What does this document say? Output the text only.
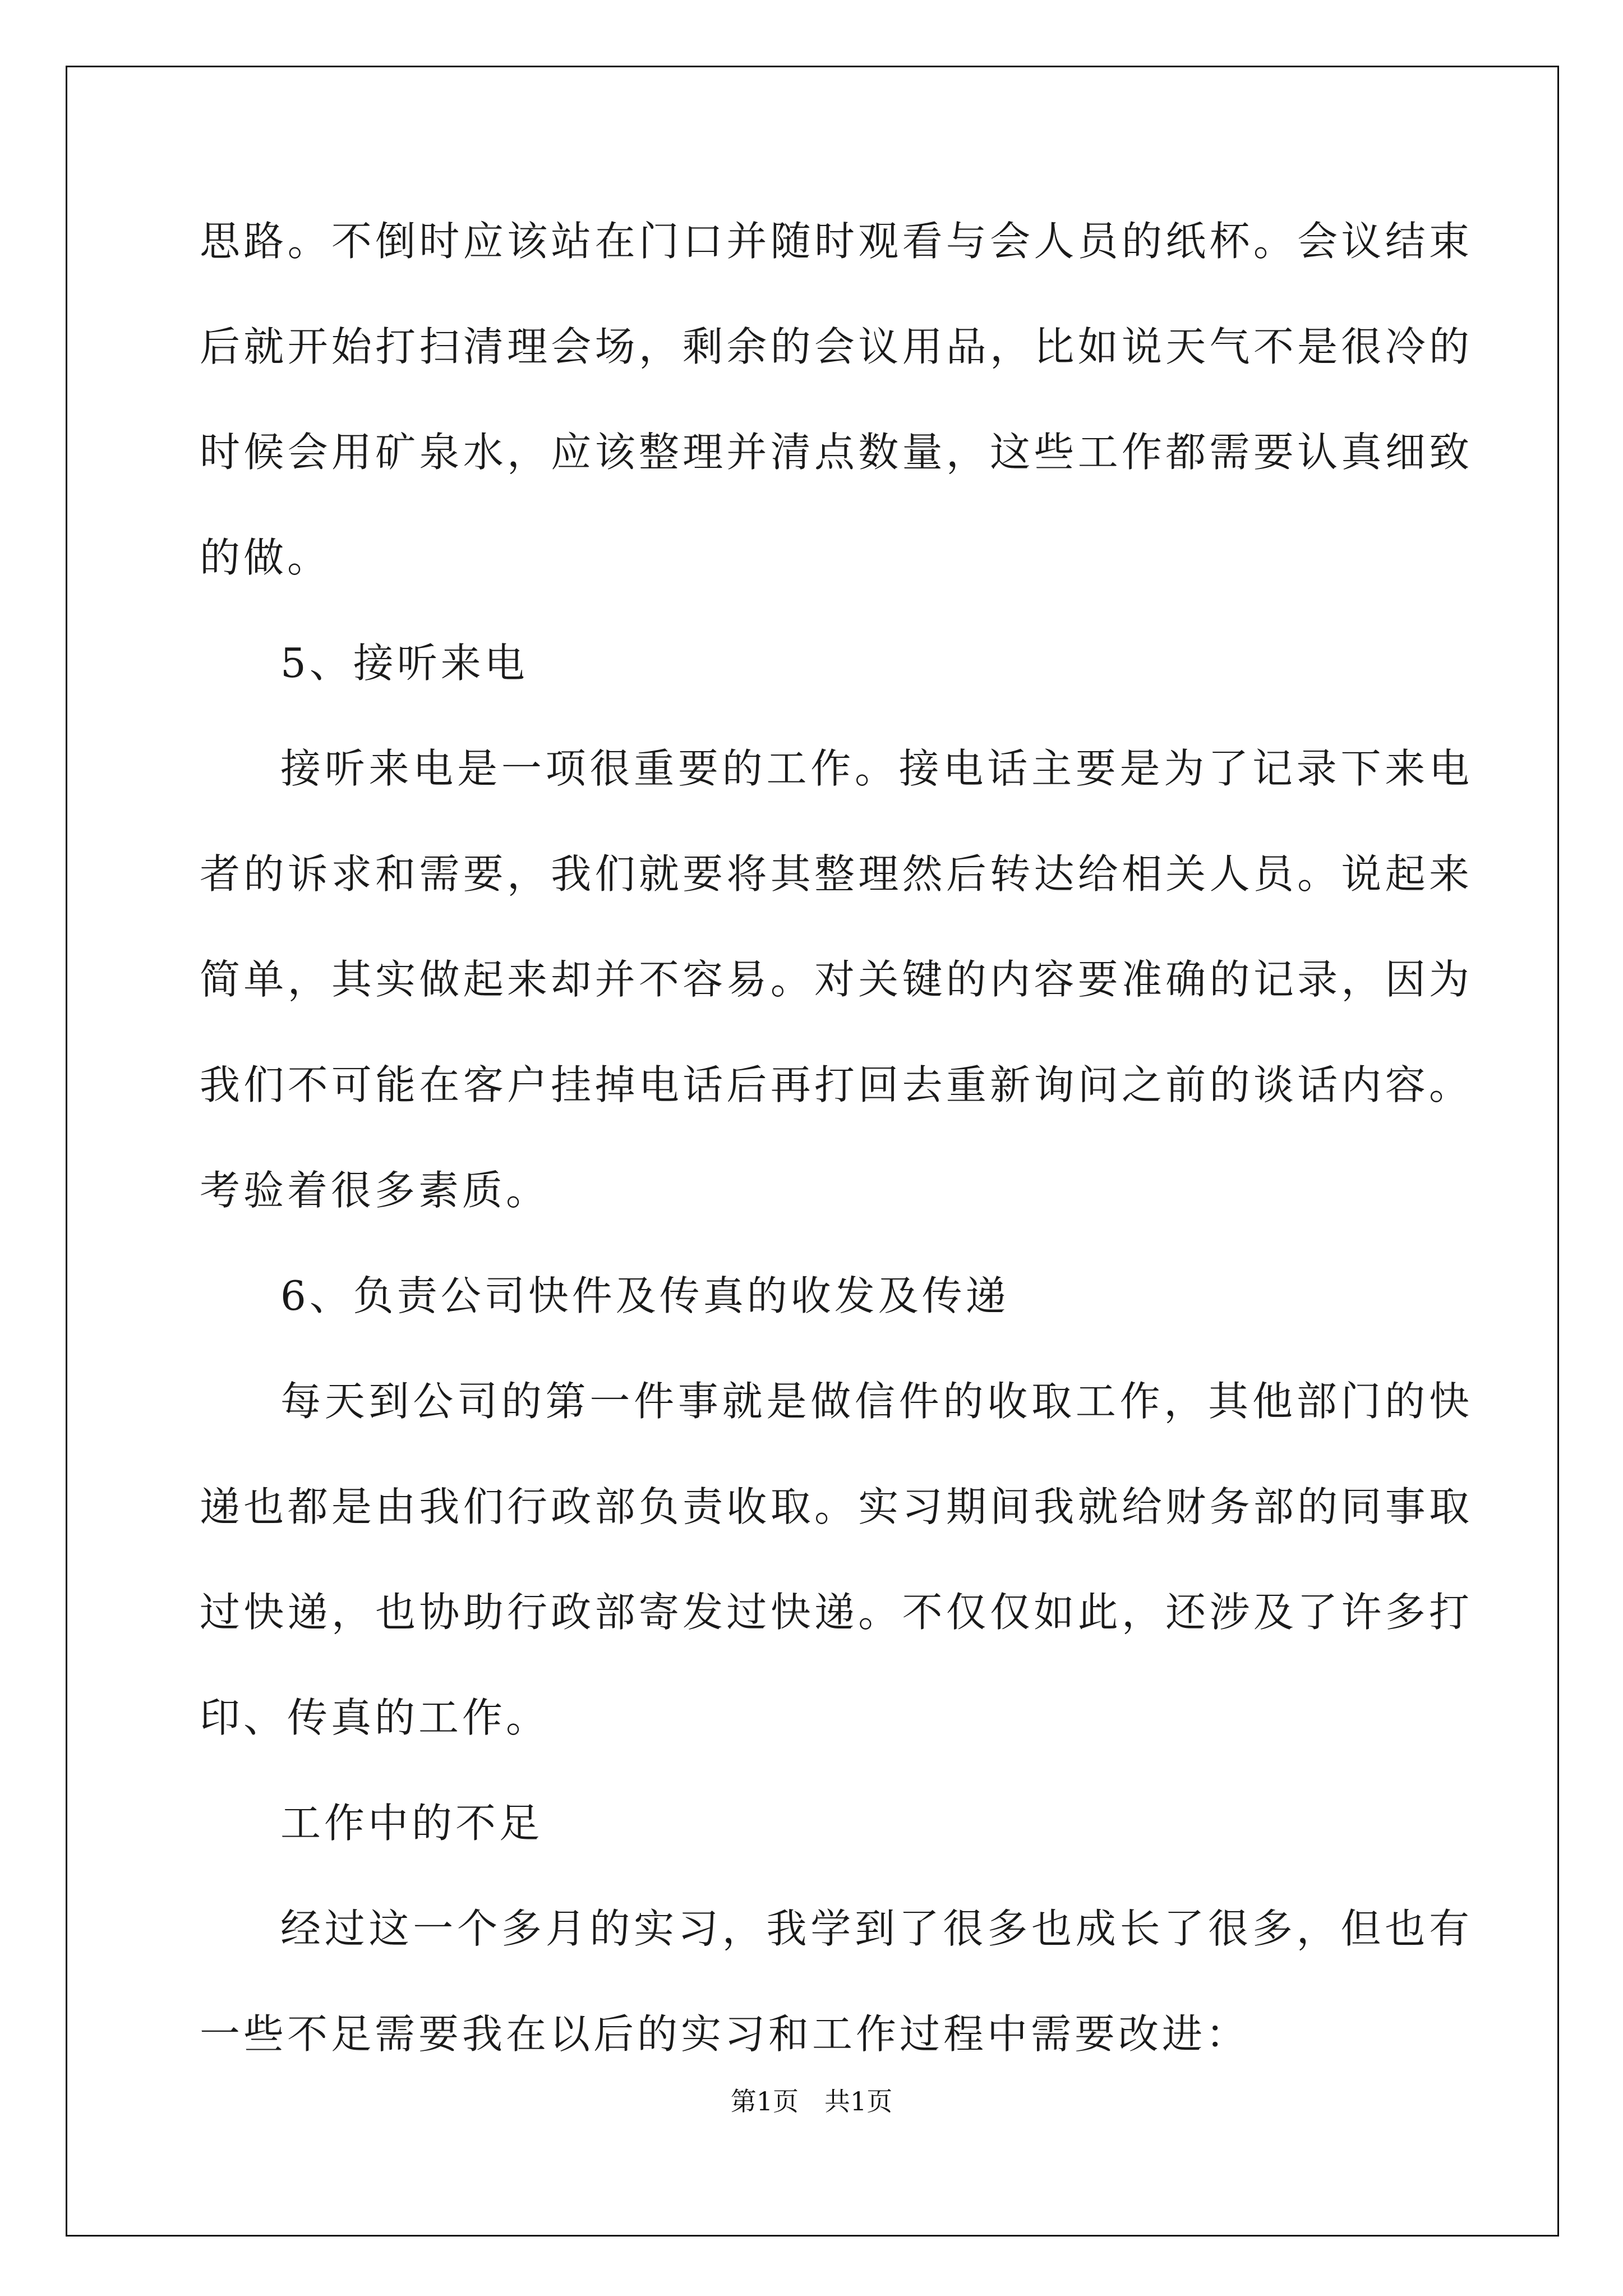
思路。不倒时应该站在门口并随时观看与会人员的纸杯。会议结束后就开始打扫清理会场，剩余的会议用品，比如说天气不是很冷的时候会用矿泉水，应该整理并清点数量，这些工作都需要认真细致的做。

5、接听来电

接听来电是一项很重要的工作。接电话主要是为了记录下来电者的诉求和需要，我们就要将其整理然后转达给相关人员。说起来简单，其实做起来却并不容易。对关键的内容要准确的记录，因为我们不可能在客户挂掉电话后再打回去重新询问之前的谈话内容。考验着很多素质。

6、负责公司快件及传真的收发及传递

每天到公司的第一件事就是做信件的收取工作，其他部门的快递也都是由我们行政部负责收取。实习期间我就给财务部的同事取过快递，也协助行政部寄发过快递。不仅仅如此，还涉及了许多打印、传真的工作。

工作中的不足

经过这一个多月的实习，我学到了很多也成长了很多，但也有一些不足需要我在以后的实习和工作过程中需要改进：

第1页　共1页
